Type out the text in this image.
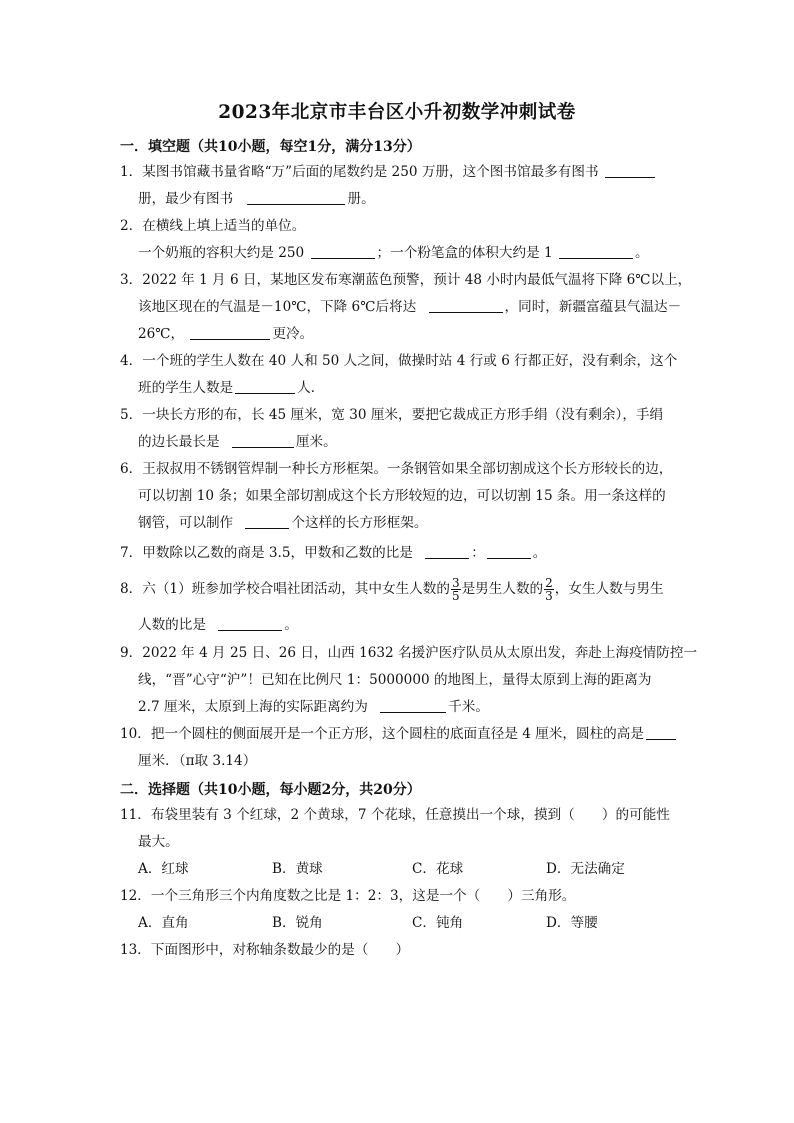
2023年北京市丰台区小升初数学冲刺试卷
一．填空题（共10小题，每空1分，满分13分）
1．某图书馆藏书量省略“万”后面的尾数约是 250 万册，这个图书馆最多有图书
册，最少有图书	册。
2．在横线上填上适当的单位。
一个奶瓶的容积大约是 250	；一个粉笔盒的体积大约是 1	。
3．2022 年 1 月 6 日，某地区发布寒潮蓝色预警，预计 48 小时内最低气温将下降 6℃以上，
该地区现在的气温是－10℃，下降 6℃后将达	，同时，新疆富蕴县气温达－
26℃，	更冷。
4．一个班的学生人数在 40 人和 50 人之间，做操时站 4 行或 6 行都正好，没有剩余，这个
班的学生人数是	人．
5．一块长方形的布，长 45 厘米，宽 30 厘米，要把它裁成正方形手绢（没有剩余），手绢
的边长最长是	厘米。
6．王叔叔用不锈钢管焊制一种长方形框架。一条钢管如果全部切割成这个长方形较长的边，
可以切割 10 条；如果全部切割成这个长方形较短的边，可以切割 15 条。用一条这样的
钢管，可以制作	个这样的长方形框架。
7．甲数除以乙数的商是 3.5，甲数和乙数的比是	：	。
8．六（1）班参加学校合唱社团活动，其中女生人数的 $\frac{3}{5}$ 是男生人数的 $\frac{2}{3}$ ，女生人数与男生
人数的比是	。
9．2022 年 4 月 25 日、26 日，山西 1632 名援沪医疗队员从太原出发，奔赴上海疫情防控一
线，“晋”心守“沪”！已知在比例尺 1：5000000 的地图上，量得太原到上海的距离为
2.7 厘米，太原到上海的实际距离约为	千米。
10．把一个圆柱的侧面展开是一个正方形，这个圆柱的底面直径是 4 厘米，圆柱的高是
厘米．（π取 3.14）
二．选择题（共10小题，每小题2分，共20分）
11．布袋里装有 3 个红球，2 个黄球，7 个花球，任意摸出一个球，摸到（　　）的可能性
最大。
A．红球	B．黄球	C．花球	D．无法确定
12．一个三角形三个内角度数之比是 1：2：3，这是一个（　　）三角形。
A．直角	B．锐角	C．钝角	D．等腰
13．下面图形中，对称轴条数最少的是（　　）
